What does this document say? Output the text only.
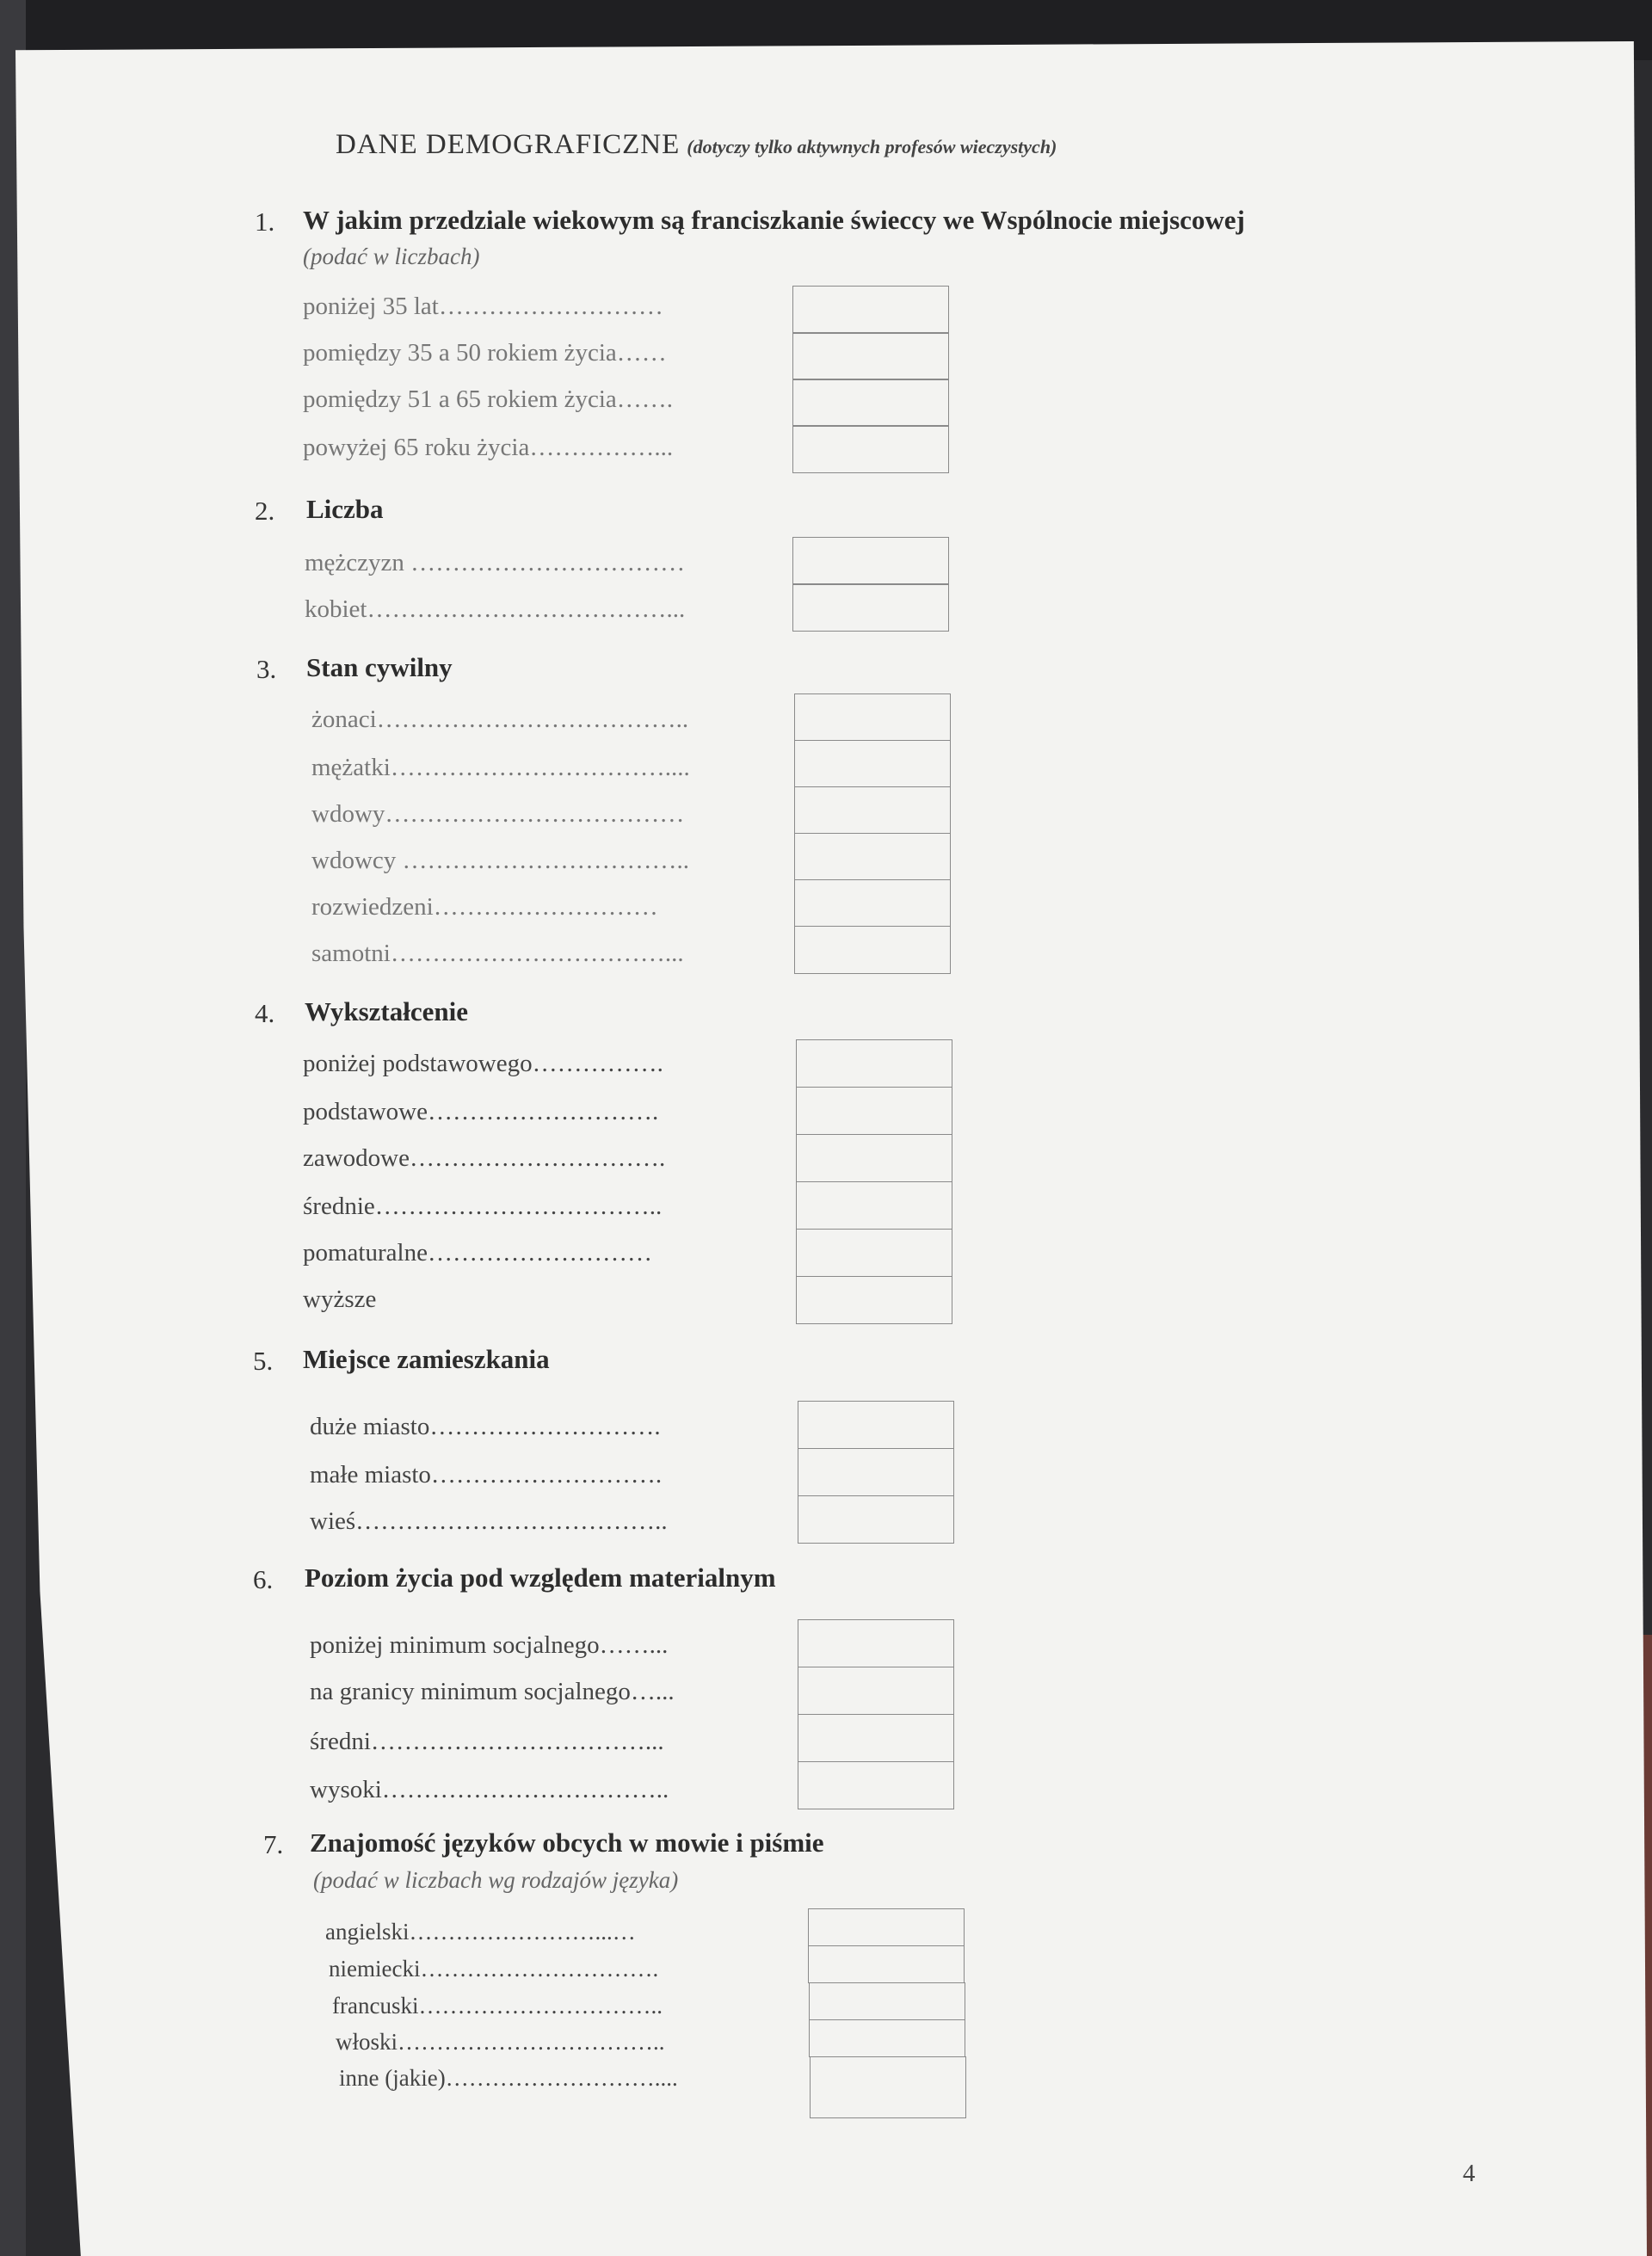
DANE DEMOGRAFICZNE (dotyczy tylko aktywnych profesów wieczystych)
1. W jakim przedziale wiekowym są franciszkanie świeccy we Wspólnocie miejscowej
(podać w liczbach)
poniżej 35 lat………………………
pomiędzy 35 a 50 rokiem życia……
pomiędzy 51 a 65 rokiem życia…….
powyżej 65 roku życia……………...
2. Liczba
mężczyzn ……………………………
kobiet………………………………...
3. Stan cywilny
żonaci………………………………..
mężatki……………………………....
wdowy………………………………
wdowcy ……………………………..
rozwiedzeni………………………
samotni……………………………...
4. Wykształcenie
poniżej podstawowego…………….
podstawowe……………………….
zawodowe………………………….
średnie……………………………..
pomaturalne………………………
wyższe
5. Miejsce zamieszkania
duże miasto……………………….
małe miasto……………………….
wieś………………………………..
6. Poziom życia pod względem materialnym
poniżej minimum socjalnego……...
na granicy minimum socjalnego…...
średni……………………………...
wysoki……………………………..
7. Znajomość języków obcych w mowie i piśmie
(podać w liczbach wg rodzajów języka)
angielski……………………...…
niemiecki………………………….
francuski…………………………..
włoski……………………………..
inne (jakie)………………………....
4
